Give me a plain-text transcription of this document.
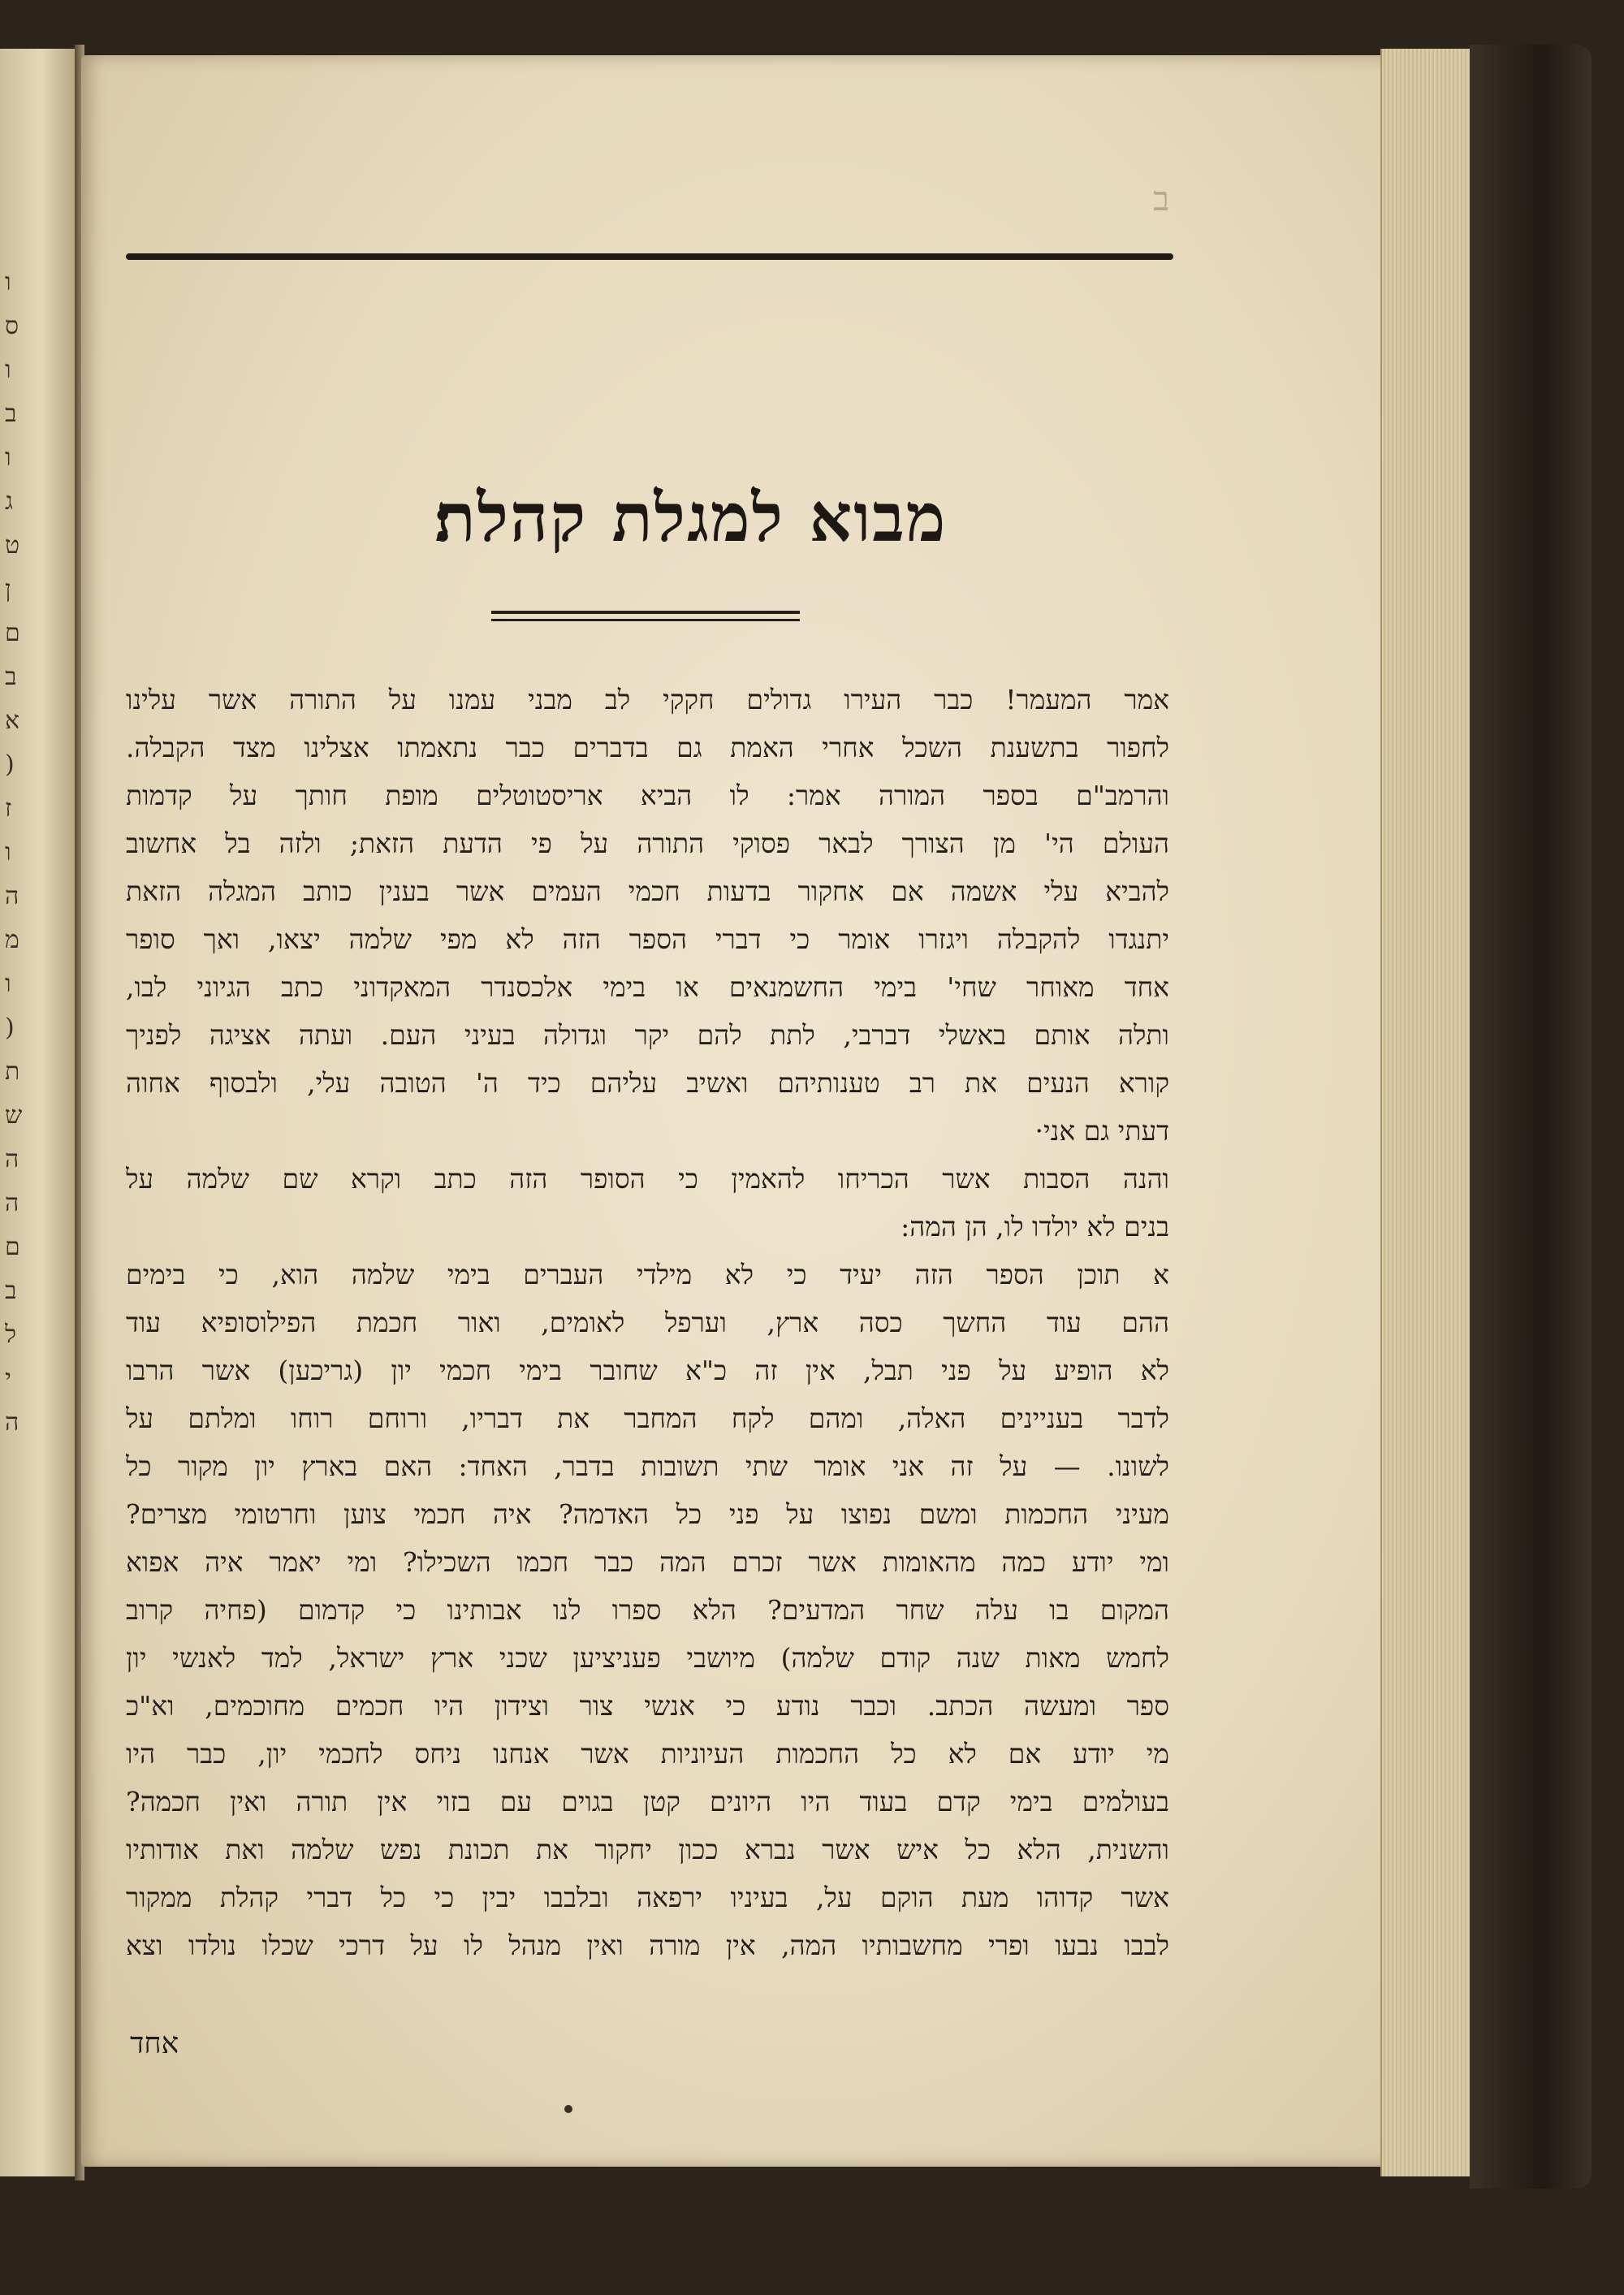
ו
ס
ו
ב
ו
ג
ט
ן
ם
ב
א
(
ז
ו
ה
מ
ו
(
ת
ש
ה
ה
ם
ב
ל
י
ה
ב
מבוא למגלת קהלת׃
אמר המעמר! כבר העירו גדולים חקקי לב מבני עמנו על התורה אשר עלינו
לחפור בתשענת השכל אחרי האמת גם בדברים כבר נתאמתו אצלינו מצד הקבלה.
והרמב"ם בספר המורה אמר: לו הביא אריסטוטלים מופת חותך על קדמות
העולם הי' מן הצורך לבאר פסוקי התורה על פי הדעת הזאת; ולזה בל אחשוב
להביא עלי אשמה אם אחקור בדעות חכמי העמים אשר בענין כותב המגלה הזאת
יתנגדו להקבלה ויגזרו אומר כי דברי הספר הזה לא מפי שלמה יצאו, ואך סופר
אחד מאוחר שחי' בימי החשמנאים או בימי אלכסנדר המאקדוני כתב הגיוני לבו,
ותלה אותם באשלי דברבי, לתת להם יקר וגדולה בעיני העם. ועתה אציגה לפניך
קורא הנעים את רב טענותיהם ואשיב עליהם כיד ה' הטובה עלי, ולבסוף אחוה
דעתי גם אני·
והנה הסבות אשר הכריחו להאמין כי הסופר הזה כתב וקרא שם שלמה על
בנים לא יולדו לו, הן המה:
א תוכן הספר הזה יעיד כי לא מילדי העברים בימי שלמה הוא, כי בימים
ההם עוד החשך כסה ארץ, וערפל לאומים, ואור חכמת הפילוסופיא עוד
לא הופיע על פני תבל, אין זה כ"א שחובר בימי חכמי יון (גריכען) אשר הרבו
לדבר בעניינים האלה, ומהם לקח המחבר את דבריו, ורוחם רוחו ומלתם על
לשונו. — על זה אני אומר שתי תשובות בדבר, האחד: האם בארץ יון מקור כל
מעיני החכמות ומשם נפוצו על פני כל האדמה? איה חכמי צוען וחרטומי מצרים?
ומי יודע כמה מהאומות אשר זכרם המה כבר חכמו השכילו? ומי יאמר איה אפוא
המקום בו עלה שחר המדעים? הלא ספרו לנו אבותינו כי קדמום (פחיה קרוב
לחמש מאות שנה קודם שלמה) מיושבי פעניציען שכני ארץ ישראל, למד לאנשי יון
ספר ומעשה הכתב. וכבר נודע כי אנשי צור וצידון היו חכמים מחוכמים, וא"כ
מי יודע אם לא כל החכמות העיוניות אשר אנחנו ניחס לחכמי יון, כבר היו
בעולמים בימי קדם בעוד היו היונים קטן בגוים עם בזוי אין תורה ואין חכמה?
והשנית, הלא כל איש אשר נברא ככון יחקור את תכונת נפש שלמה ואת אודותיו
אשר קדוהו מעת הוקם על, בעיניו ירפאה ובלבבו יבין כי כל דברי קהלת ממקור
לבבו נבעו ופרי מחשבותיו המה, אין מורה ואין מנהל לו על דרכי שכלו נולדו וצא
אחד
